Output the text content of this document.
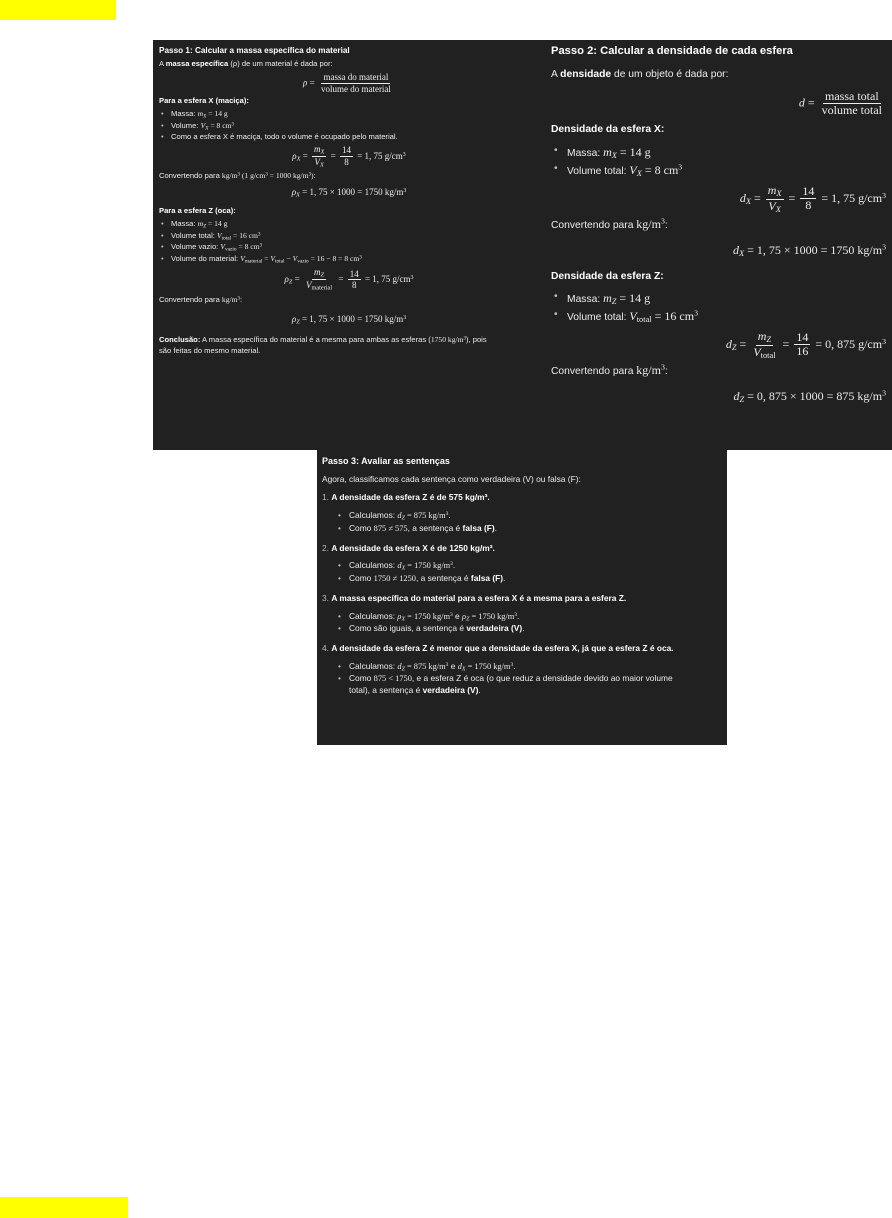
Passo 1: Calcular a massa específica do material
A massa específica (ρ) de um material é dada por:
$\rho = \frac{\text{massa do material}}{\text{volume do material}}$
Para a esfera X (maciça):
• Massa: $m_X = 14$ g
• Volume: $V_X = 8$ $cm^3$
• Como a esfera X é maciça, todo o volume é ocupado pelo material.
$\rho_X = \frac{m_X}{V_X} = \frac{14}{8} = 1$, 75 $g/cm^3$
Convertendo para $kg/m^3$ (1 $g/cm^3 = 1000$ $kg/m^3$):
$\rho_X = 1$, 75 × 1000 = 1750 $kg/m^3$
Para a esfera Z (oca):
• Massa: $m_Z = 14$ g
• Volume total: Vtotal = 16 $cm^3$
• Volume vazio: Vvazio = 8 $cm^3$
• Volume do material: Vmaterial = Vtotal − Vvazio = 16 − 8 = 8 $cm^3$
$\rho_Z = \frac{m_Z}{\text{Vmaterial}} = \frac{14}{8} = 1$, 75 $g/cm^3$
Convertendo para $kg/m^3$:
$\rho_Z = 1$, 75 × 1000 = 1750 $kg/m^3$
Conclusão: A massa específica do material é a mesma para ambas as esferas (1750 $kg/m^3$), pois
são feitas do mesmo material.
Passo 2: Calcular a densidade de cada esfera
A densidade de um objeto é dada por:
$d = \frac{\text{massa total}}{\text{volume total}}$
Densidade da esfera X:
• Massa: $m_X = 14$ g
• Volume total: $V_X = 8$ $cm^3$
$d_X = \frac{m_X}{V_X} = \frac{14}{8} = 1$, 75 $g/cm^3$
Convertendo para $kg/m^3$:
$d_X = 1$, 75 × 1000 = 1750 $kg/m^3$
Densidade da esfera Z:
• Massa: $m_Z = 14$ g
• Volume total: Vtotal = 16 $cm^3$
$d_Z = \frac{m_Z}{\text{Vtotal}} = \frac{14}{16} = 0$, 875 $g/cm^3$
Convertendo para $kg/m^3$:
$d_Z = 0$, 875 × 1000 = 875 $kg/m^3$
Passo 3: Avaliar as sentenças
Agora, classificamos cada sentença como verdadeira (V) ou falsa (F):
1. A densidade da esfera Z é de 575 kg/m³.
• Calculamos: $d_Z = 875$ $kg/m^3$.
• Como 875 ≠ 575, a sentença é falsa (F).
2. A densidade da esfera X é de 1250 kg/m³.
• Calculamos: $d_X = 1750$ $kg/m^3$.
• Como 1750 ≠ 1250, a sentença é falsa (F).
3. A massa específica do material para a esfera X é a mesma para a esfera Z.
• Calculamos: $\rho_X = 1750$ $kg/m^3$ e $\rho_Z = 1750$ $kg/m^3$.
• Como são iguais, a sentença é verdadeira (V).
4. A densidade da esfera Z é menor que a densidade da esfera X, já que a esfera Z é oca.
• Calculamos: $d_Z = 875$ $kg/m^3$ e $d_X = 1750$ $kg/m^3$.
• Como 875 < 1750, e a esfera Z é oca (o que reduz a densidade devido ao maior volume
total), a sentença é verdadeira (V).
